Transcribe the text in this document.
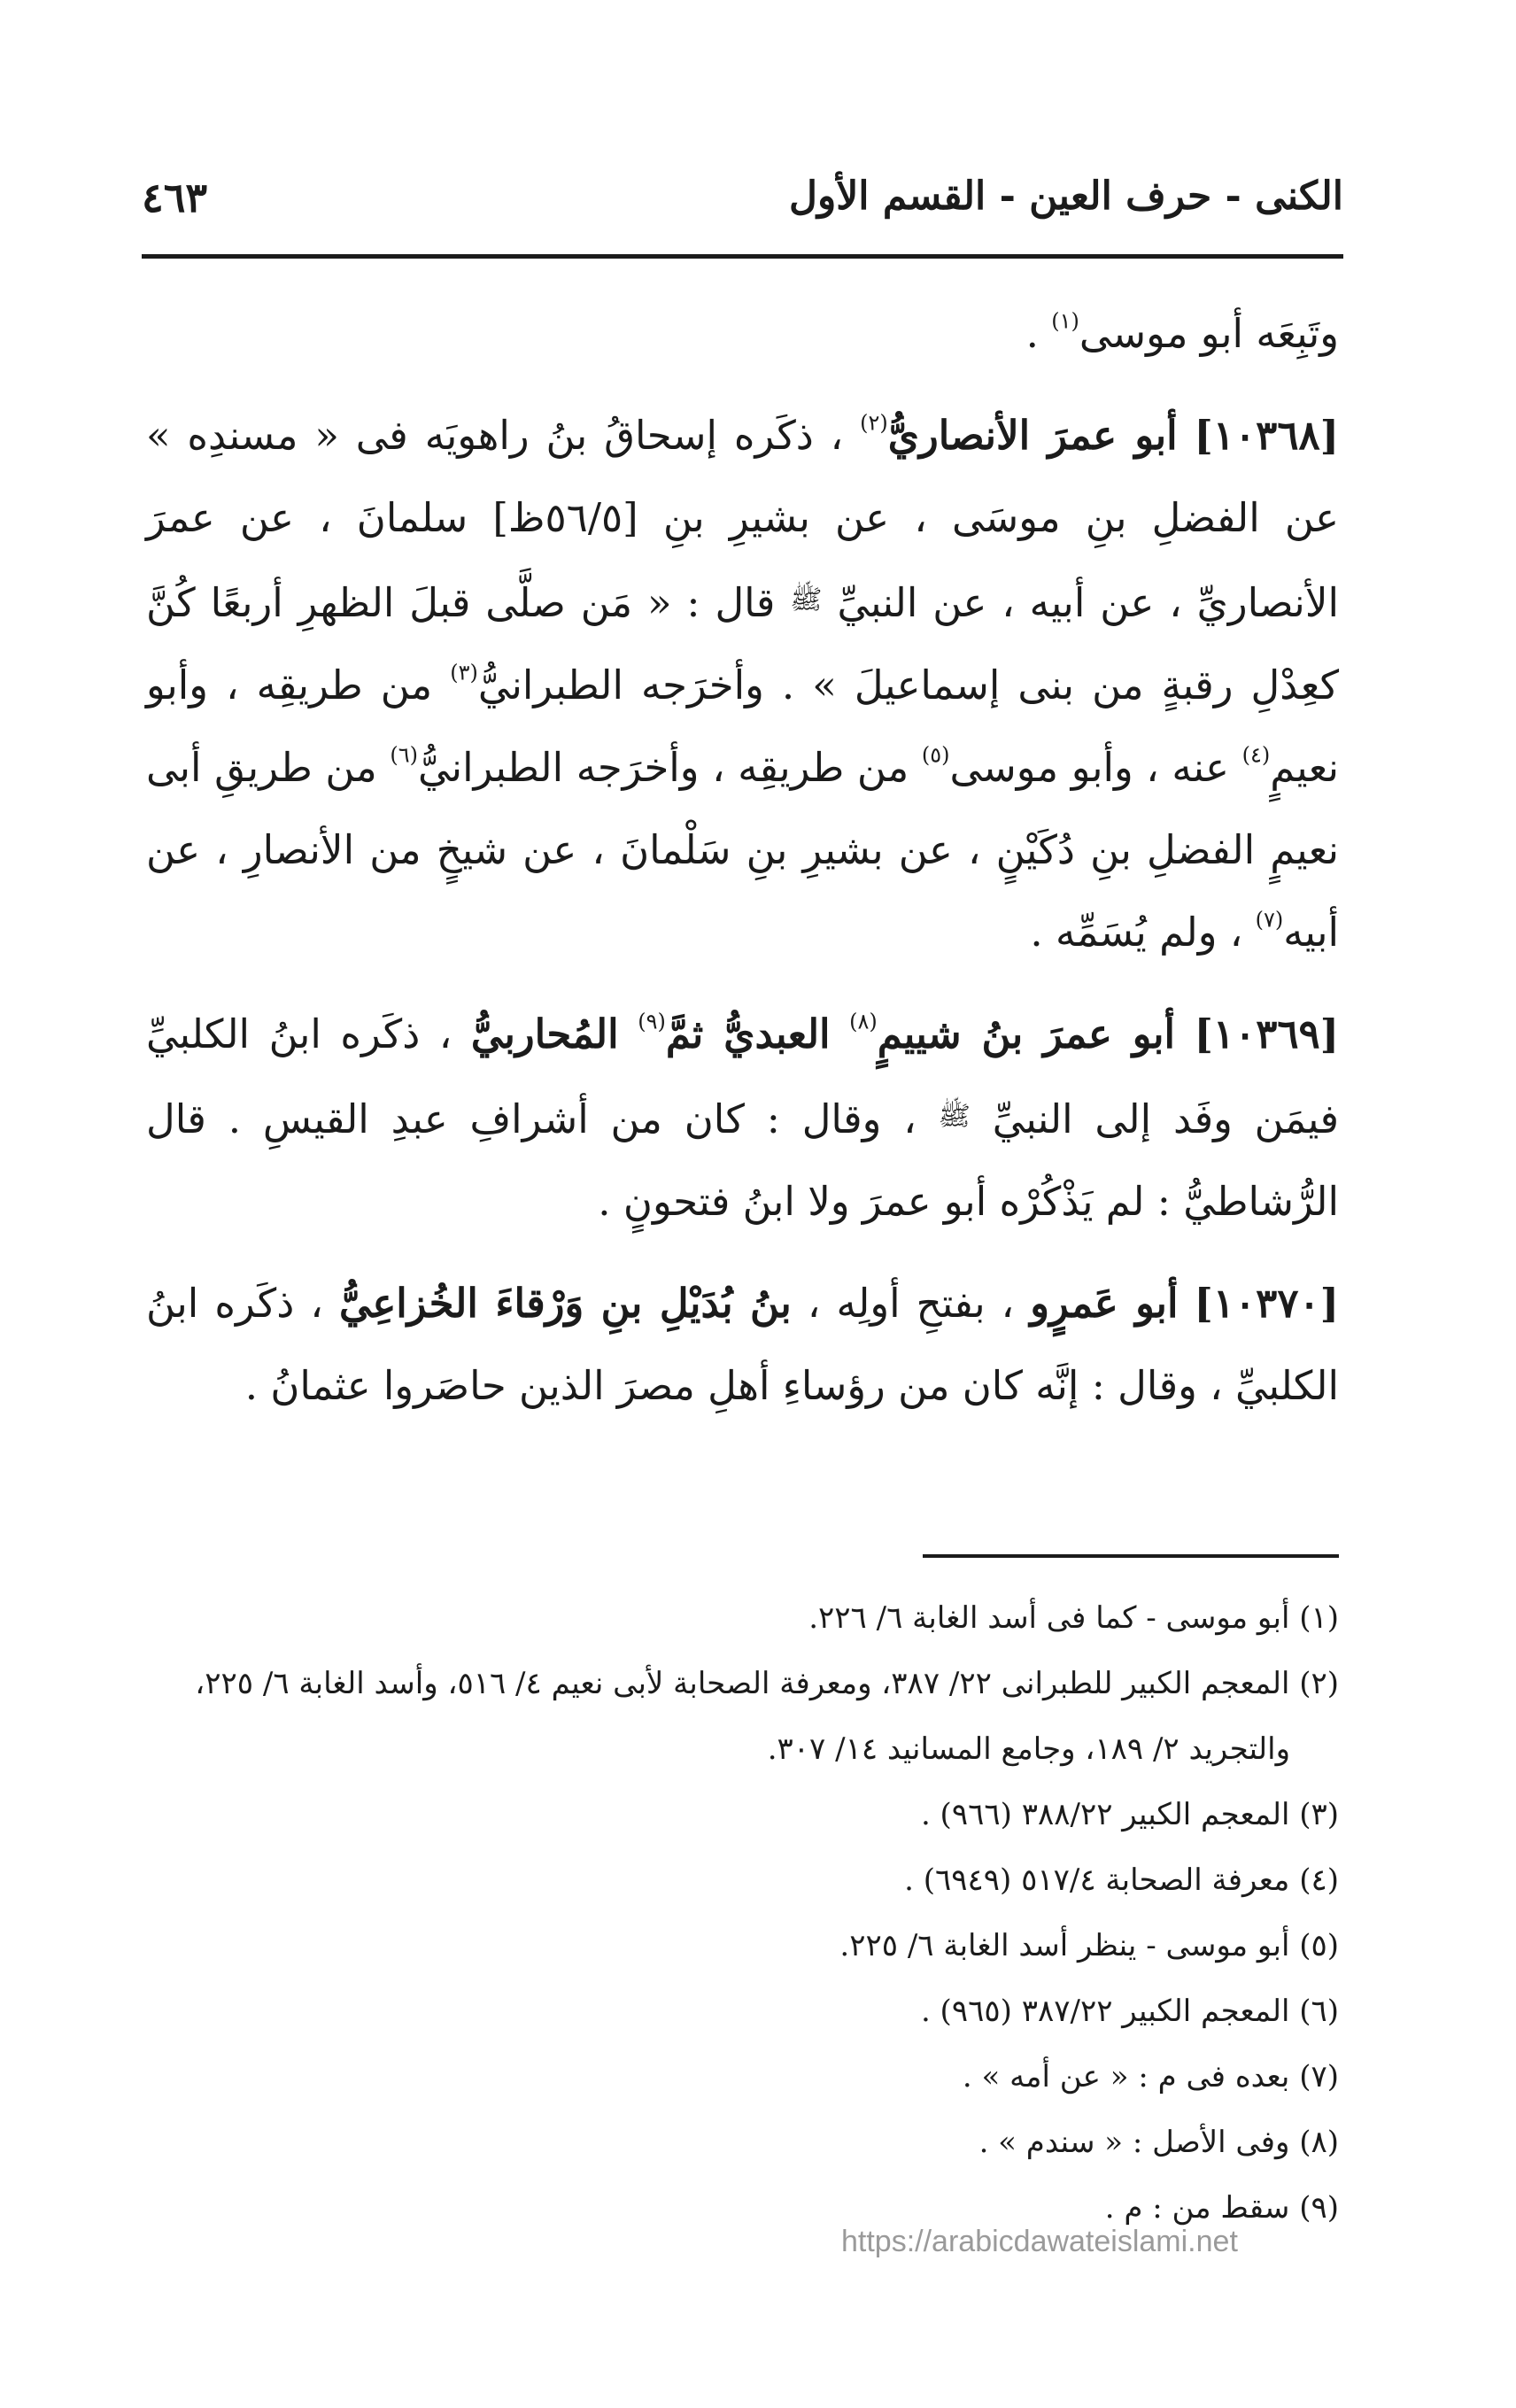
الكنى - حرف العين - القسم الأول
٤٦٣

وتَبِعَه أبو موسى$^{(١)}$ .

[١٠٣٦٨] أبو عمرَ الأنصاريُّ$^{(٢)}$ ، ذكَره إسحاقُ بنُ راهويَه فى « مسندِه » عن الفضلِ بنِ موسَى ، عن بشيرِ بنِ [٥٦/٥ظ] سلمانَ ، عن عمرَ الأنصاريِّ ، عن أبيه ، عن النبيِّ ﷺ قال : « مَن صلَّى قبلَ الظهرِ أربعًا كُنَّ كعِدْلِ رقبةٍ من بنى إسماعيلَ » . وأخرَجه الطبرانيُّ$^{(٣)}$ من طريقِه ، وأبو نعيمٍ$^{(٤)}$ عنه ، وأبو موسى$^{(٥)}$ من طريقِه ، وأخرَجه الطبرانيُّ$^{(٦)}$ من طريقِ أبى نعيمٍ الفضلِ بنِ دُكَيْنٍ ، عن بشيرِ بنِ سَلْمانَ ، عن شيخٍ من الأنصارِ ، عن أبيه$^{(٧)}$ ، ولم يُسَمِّه .

[١٠٣٦٩] أبو عمرَ بنُ شييمٍ$^{(٨)}$ العبديُّ ثمَّ$^{(٩)}$ المُحاربيُّ ، ذكَره ابنُ الكلبيِّ فيمَن وفَد إلى النبيِّ ﷺ ، وقال : كان من أشرافِ عبدِ القيسِ . قال الرُّشاطيُّ : لم يَذْكُرْه أبو عمرَ ولا ابنُ فتحونٍ .

[١٠٣٧٠] أبو عَمرٍو ، بفتحِ أولِه ، بنُ بُدَيْلِ بنِ وَرْقاءَ الخُزاعِيُّ ، ذكَره ابنُ الكلبيِّ ، وقال : إنَّه كان من رؤساءِ أهلِ مصرَ الذين حاصَروا عثمانُ .

(١) أبو موسى - كما فى أسد الغابة ٦/ ٢٢٦.

(٢) المعجم الكبير للطبرانى ٢٢/ ٣٨٧، ومعرفة الصحابة لأبى نعيم ٤/ ٥١٦، وأسد الغابة ٦/ ٢٢٥،

والتجريد ٢/ ١٨٩، وجامع المسانيد ١٤/ ٣٠٧.

(٣) المعجم الكبير ٣٨٨/٢٢ (٩٦٦) .

(٤) معرفة الصحابة ٥١٧/٤ (٦٩٤٩) .

(٥) أبو موسى - ينظر أسد الغابة ٦/ ٢٢٥.

(٦) المعجم الكبير ٣٨٧/٢٢ (٩٦٥) .

(٧) بعده فى م : « عن أمه » .

(٨) وفى الأصل : « سندم » .

(٩) سقط من : م .

https://arabicdawateislami.net
